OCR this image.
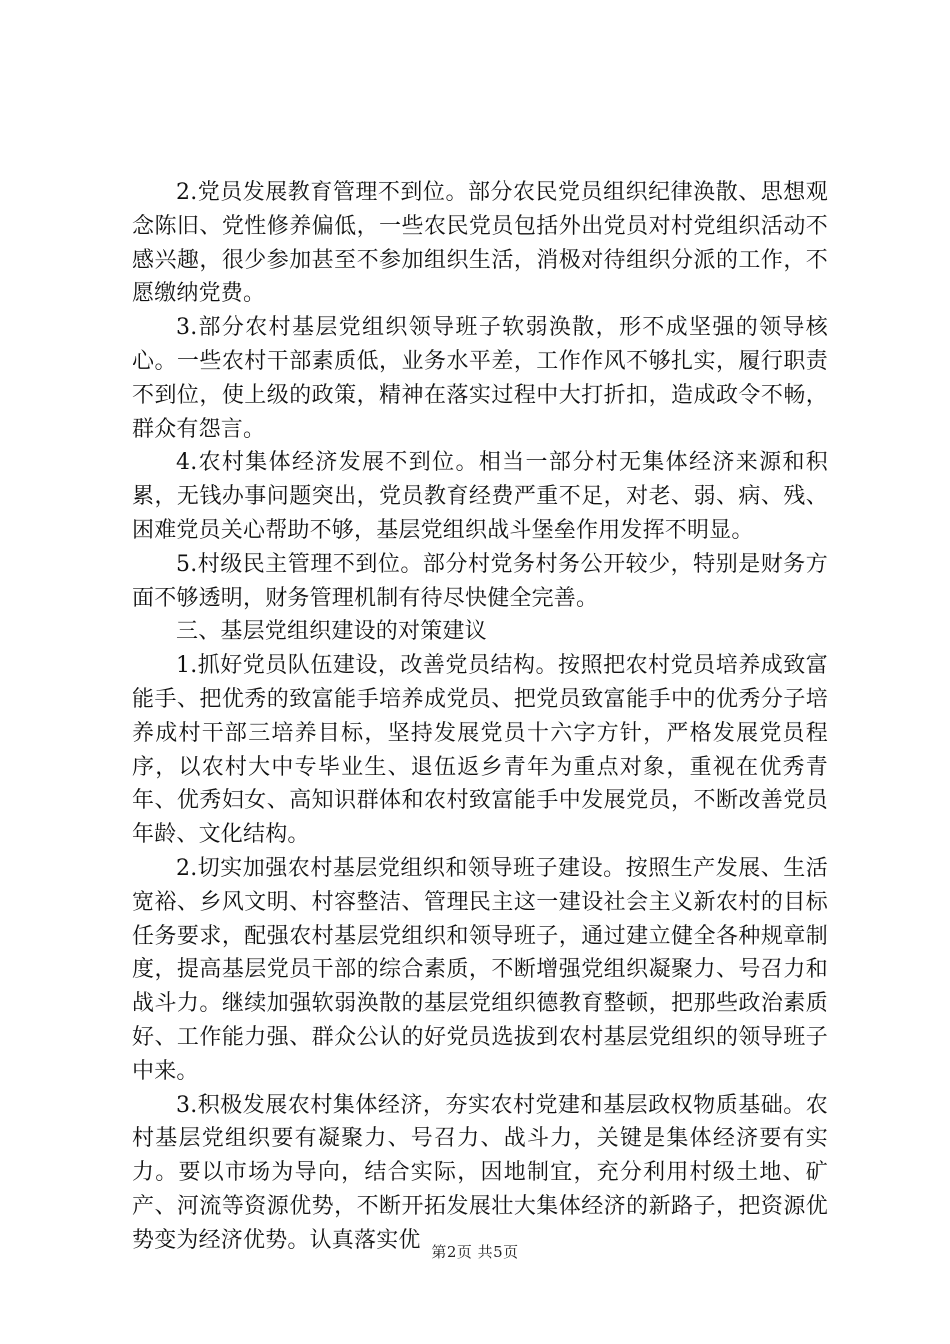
2.党员发展教育管理不到位。部分农民党员组织纪律涣散、思想观念陈旧、党性修养偏低，一些农民党员包括外出党员对村党组织活动不感兴趣，很少参加甚至不参加组织生活，消极对待组织分派的工作，不愿缴纳党费。

3.部分农村基层党组织领导班子软弱涣散，形不成坚强的领导核心。一些农村干部素质低，业务水平差，工作作风不够扎实，履行职责不到位，使上级的政策，精神在落实过程中大打折扣，造成政令不畅，群众有怨言。

4.农村集体经济发展不到位。相当一部分村无集体经济来源和积累，无钱办事问题突出，党员教育经费严重不足，对老、弱、病、残、困难党员关心帮助不够，基层党组织战斗堡垒作用发挥不明显。

5.村级民主管理不到位。部分村党务村务公开较少，特别是财务方面不够透明，财务管理机制有待尽快健全完善。

三、基层党组织建设的对策建议

1.抓好党员队伍建设，改善党员结构。按照把农村党员培养成致富能手、把优秀的致富能手培养成党员、把党员致富能手中的优秀分子培养成村干部三培养目标，坚持发展党员十六字方针，严格发展党员程序，以农村大中专毕业生、退伍返乡青年为重点对象，重视在优秀青年、优秀妇女、高知识群体和农村致富能手中发展党员，不断改善党员年龄、文化结构。

2.切实加强农村基层党组织和领导班子建设。按照生产发展、生活宽裕、乡风文明、村容整洁、管理民主这一建设社会主义新农村的目标任务要求，配强农村基层党组织和领导班子，通过建立健全各种规章制度，提高基层党员干部的综合素质，不断增强党组织凝聚力、号召力和战斗力。继续加强软弱涣散的基层党组织德教育整顿，把那些政治素质好、工作能力强、群众公认的好党员选拔到农村基层党组织的领导班子中来。

3.积极发展农村集体经济，夯实农村党建和基层政权物质基础。农村基层党组织要有凝聚力、号召力、战斗力，关键是集体经济要有实力。要以市场为导向，结合实际，因地制宜，充分利用村级土地、矿产、河流等资源优势，不断开拓发展壮大集体经济的新路子，把资源优势变为经济优势。认真落实优 第2页 共5页
